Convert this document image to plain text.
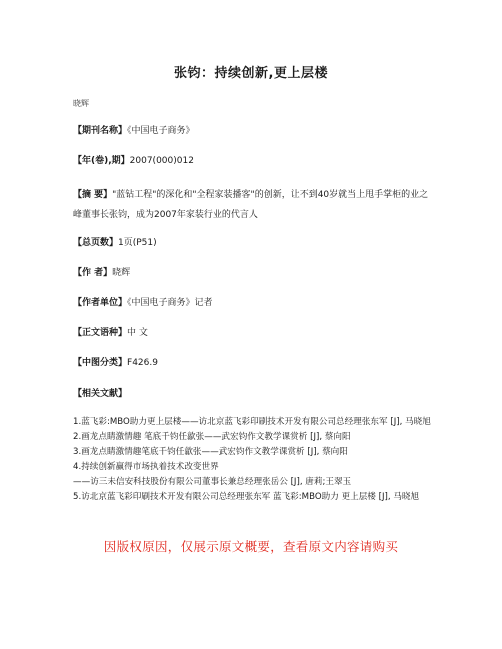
张钧：持续创新,更上层楼
晓辉
【期刊名称】《中国电子商务》
【年(卷),期】2007(000)012
【摘 要】"蓝钻工程"的深化和"全程家装播客"的创新，让不到40岁就当上甩手掌柜的业之峰董事长张钧，成为2007年家装行业的代言人
【总页数】1页(P51)
【作 者】晓辉
【作者单位】《中国电子商务》记者
【正文语种】中 文
【中图分类】F426.9
【相关文献】

1.蓝飞彩:MBO助力更上层楼——访北京蓝飞彩印刷技术开发有限公司总经理张东军 [J], 马晓旭

2.画龙点睛激情趣 笔底千钧任歙张——武宏钧作文教学课赏析 [J], 蔡向阳

3.画龙点睛激情趣笔底千钧任歙张——武宏钧作文教学课赏析 [J], 蔡向阳

4.持续创新赢得市场执着技术改变世界

——访三未信安科技股份有限公司董事长兼总经理张岳公 [J], 唐莉;王翠玉

5.访北京蓝飞彩印刷技术开发有限公司总经理张东军 蓝飞彩:MBO助力 更上层楼 [J], 马晓旭

因版权原因，仅展示原文概要，查看原文内容请购买
